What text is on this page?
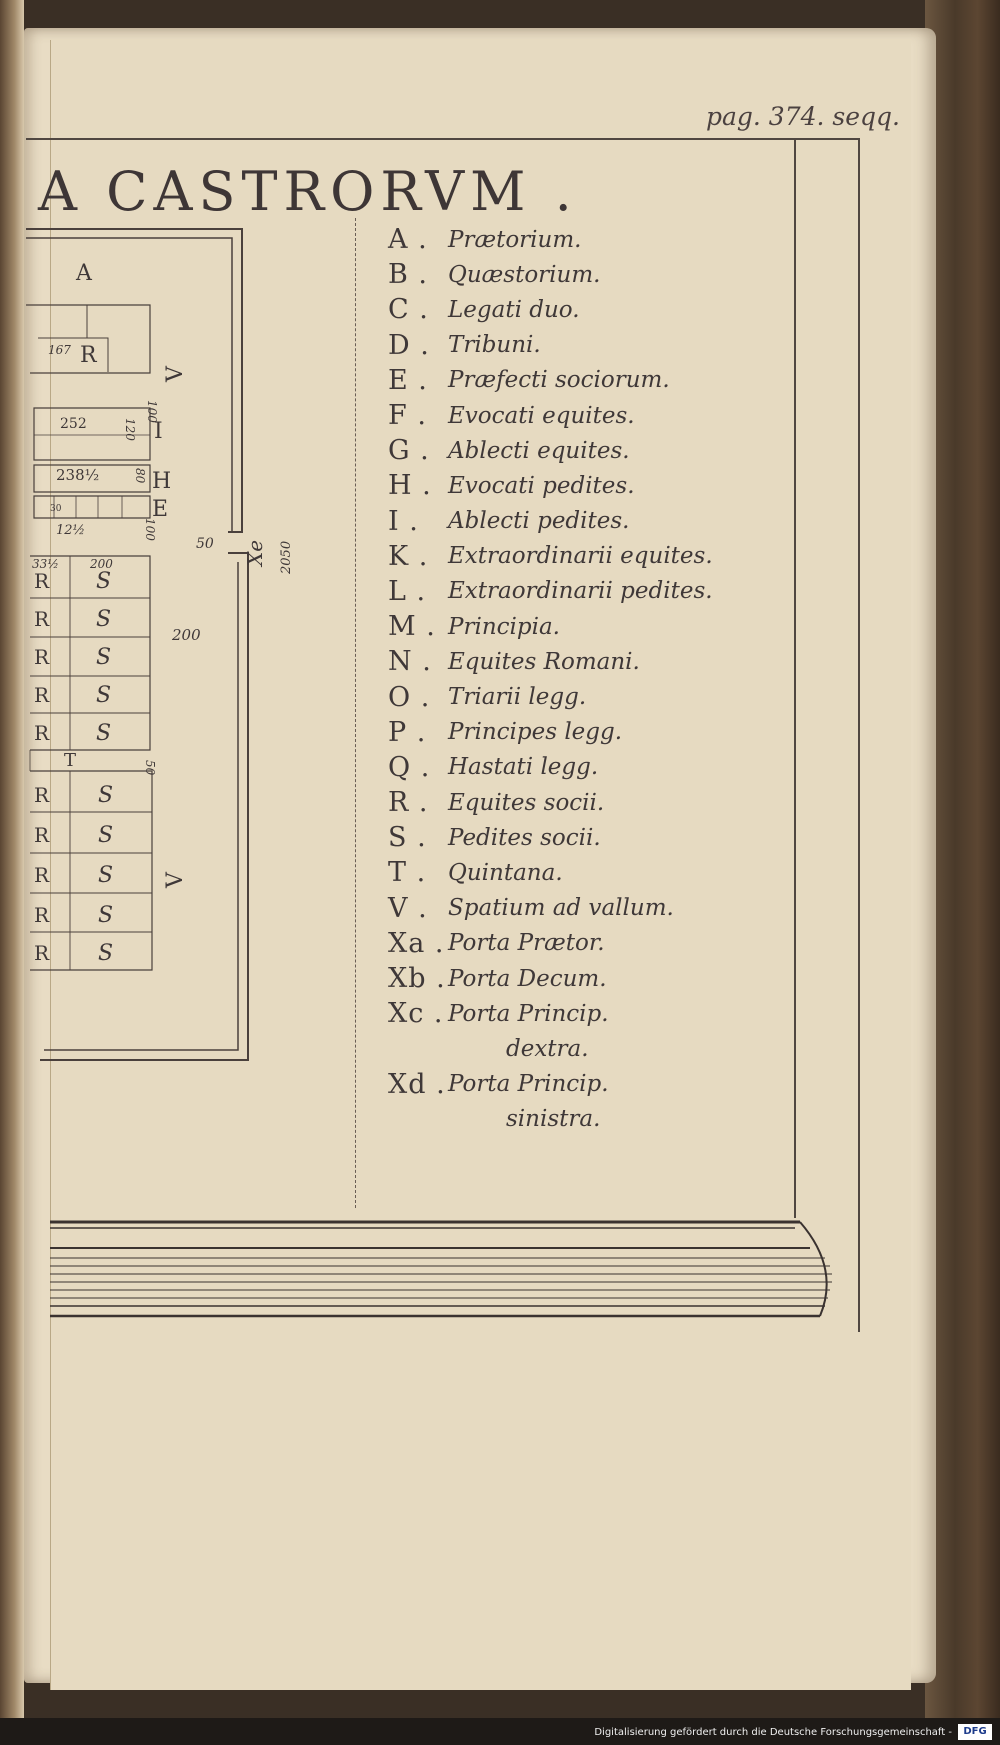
pag. 374. seqq.
A CASTRORVM .
A
R
167
252
238½
12½
30
33½	200
200
50
I
H
E
T
R S
R S
R S
R S
R S
R S
R S
R S
R S
R S
V
V
Xe 2050
100
120
80
100
50
A . Prætorium.
B . Quæstorium.
C . Legati duo.
D . Tribuni.
E . Præfecti sociorum.
F . Evocati equites.
G . Ablecti equites.
H . Evocati pedites.
I .	Ablecti pedites.
K . Extraordinarii equites.
L . Extraordinarii pedites.
M . Principia.
N . Equites Romani.
O . Triarii legg.
P . Principes legg.
Q . Hastati legg.
R . Equites socii.
S . Pedites socii.
T . Quintana.
V . Spatium ad vallum.
Xa . Porta Prætor.
Xb . Porta Decum.
Xc . Porta Princip.
dextra.
Xd . Porta Princip.
sinistra.
Digitalisierung gefördert durch die Deutsche Forschungsgemeinschaft -	DFG
